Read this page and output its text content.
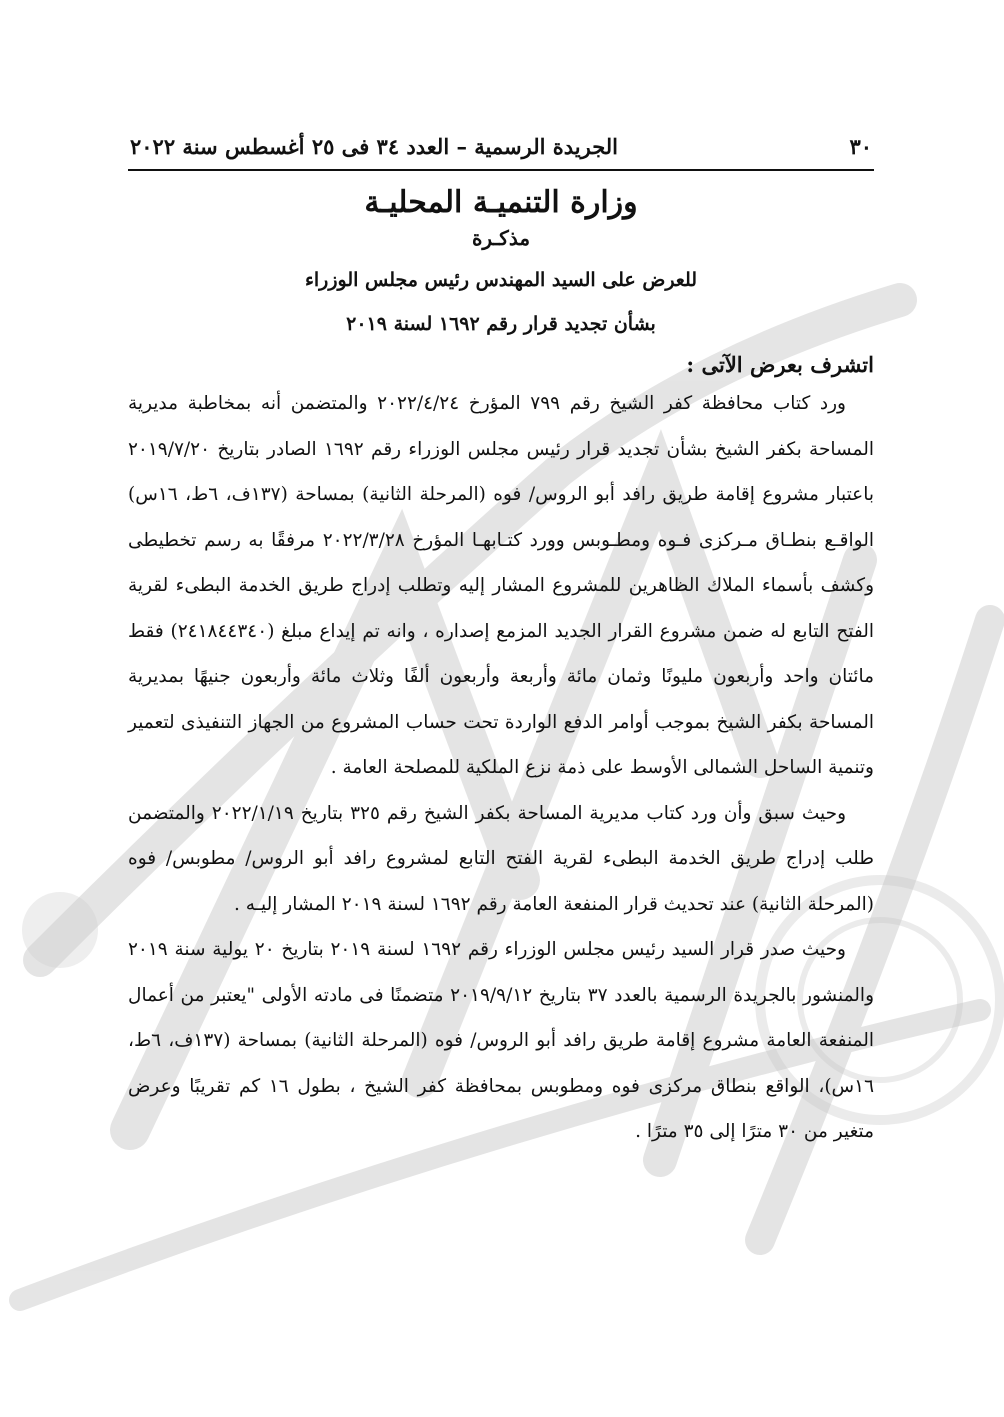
٣٠
الجريدة الرسمية – العدد ٣٤ فى ٢٥ أغسطس سنة ٢٠٢٢
وزارة التنميـة المحليـة
مذكـرة
للعرض على السيد المهندس رئيس مجلس الوزراء
بشأن تجديد قرار رقم ١٦٩٢ لسنة ٢٠١٩
اتشرف بعرض الآتى :

ورد كتاب محافظة كفر الشيخ رقم ٧٩٩ المؤرخ ٢٠٢٢/٤/٢٤ والمتضمن أنه بمخاطبة مديرية المساحة بكفر الشيخ بشأن تجديد قرار رئيس مجلس الوزراء رقم ١٦٩٢ الصادر بتاريخ ٢٠١٩/٧/٢٠ باعتبار مشروع إقامة طريق رافد أبو الروس/ فوه (المرحلة الثانية) بمساحة (١٣٧ف، ٦ط، ١٦س) الواقـع بنطـاق مـركزى فـوه ومطـوبس وورد كتـابهـا المؤرخ ٢٠٢٢/٣/٢٨ مرفقًا به رسم تخطيطى وكشف بأسماء الملاك الظاهرين للمشروع المشار إليه وتطلب إدراج طريق الخدمة البطىء لقرية الفتح التابع له ضمن مشروع القرار الجديد المزمع إصداره ، وانه تم إيداع مبلغ (٢٤١٨٤٤٣٤٠) فقط مائتان واحد وأربعون مليونًا وثمان مائة وأربعة وأربعون ألفًا وثلاث مائة وأربعون جنيهًا بمديرية المساحة بكفر الشيخ بموجب أوامر الدفع الواردة تحت حساب المشروع من الجهاز التنفيذى لتعمير وتنمية الساحل الشمالى الأوسط على ذمة نزع الملكية للمصلحة العامة .

وحيث سبق وأن ورد كتاب مديرية المساحة بكفر الشيخ رقم ٣٢٥ بتاريخ ٢٠٢٢/١/١٩ والمتضمن طلب إدراج طريق الخدمة البطىء لقرية الفتح التابع لمشروع رافد أبو الروس/ مطوبس/ فوه (المرحلة الثانية) عند تحديث قرار المنفعة العامة رقم ١٦٩٢ لسنة ٢٠١٩ المشار إليـه .

وحيث صدر قرار السيد رئيس مجلس الوزراء رقم ١٦٩٢ لسنة ٢٠١٩ بتاريخ ٢٠ يولية سنة ٢٠١٩ والمنشور بالجريدة الرسمية بالعدد ٣٧ بتاريخ ٢٠١٩/٩/١٢ متضمنًا فى مادته الأولى "يعتبر من أعمال المنفعة العامة مشروع إقامة طريق رافد أبو الروس/ فوه (المرحلة الثانية) بمساحة (١٣٧ف، ٦ط، ١٦س)، الواقع بنطاق مركزى فوه ومطوبس بمحافظة كفر الشيخ ، بطول ١٦ كم تقريبًا وعرض متغير من ٣٠ مترًا إلى ٣٥ مترًا .
